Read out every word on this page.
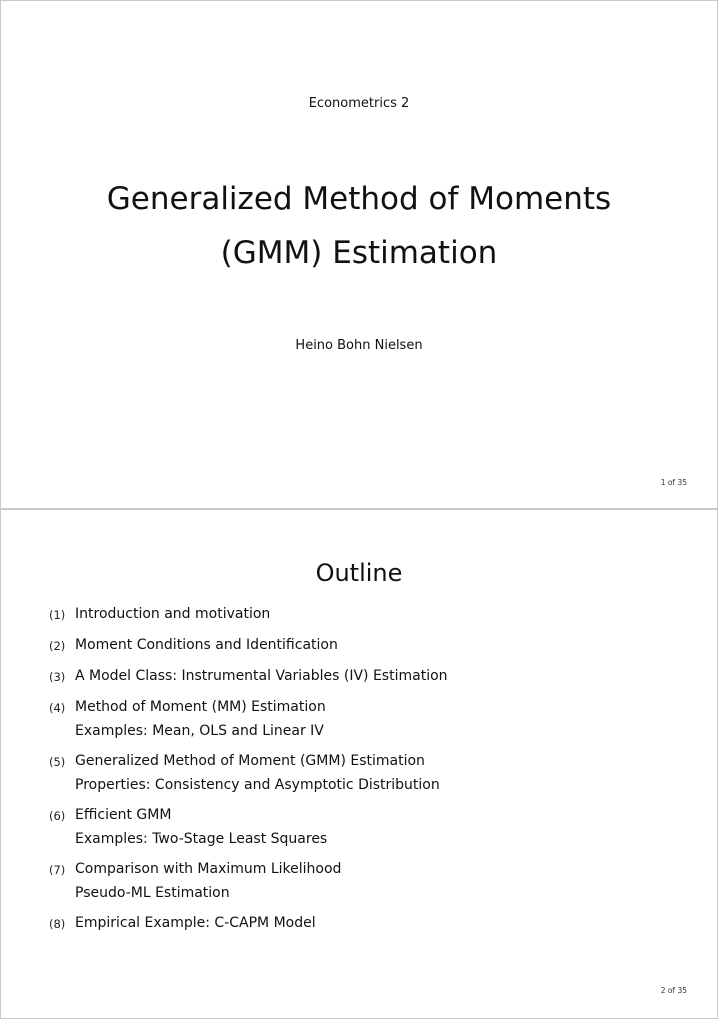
Econometrics 2
Generalized Method of Moments
(GMM) Estimation
Heino Bohn Nielsen
1 of 35
Outline
(1) Introduction and motivation
(2) Moment Conditions and Identification
(3) A Model Class: Instrumental Variables (IV) Estimation
(4) Method of Moment (MM) Estimation
Examples: Mean, OLS and Linear IV
(5) Generalized Method of Moment (GMM) Estimation
Properties: Consistency and Asymptotic Distribution
(6) Efficient GMM
Examples: Two-Stage Least Squares
(7) Comparison with Maximum Likelihood
Pseudo-ML Estimation
(8) Empirical Example: C-CAPM Model
2 of 35
